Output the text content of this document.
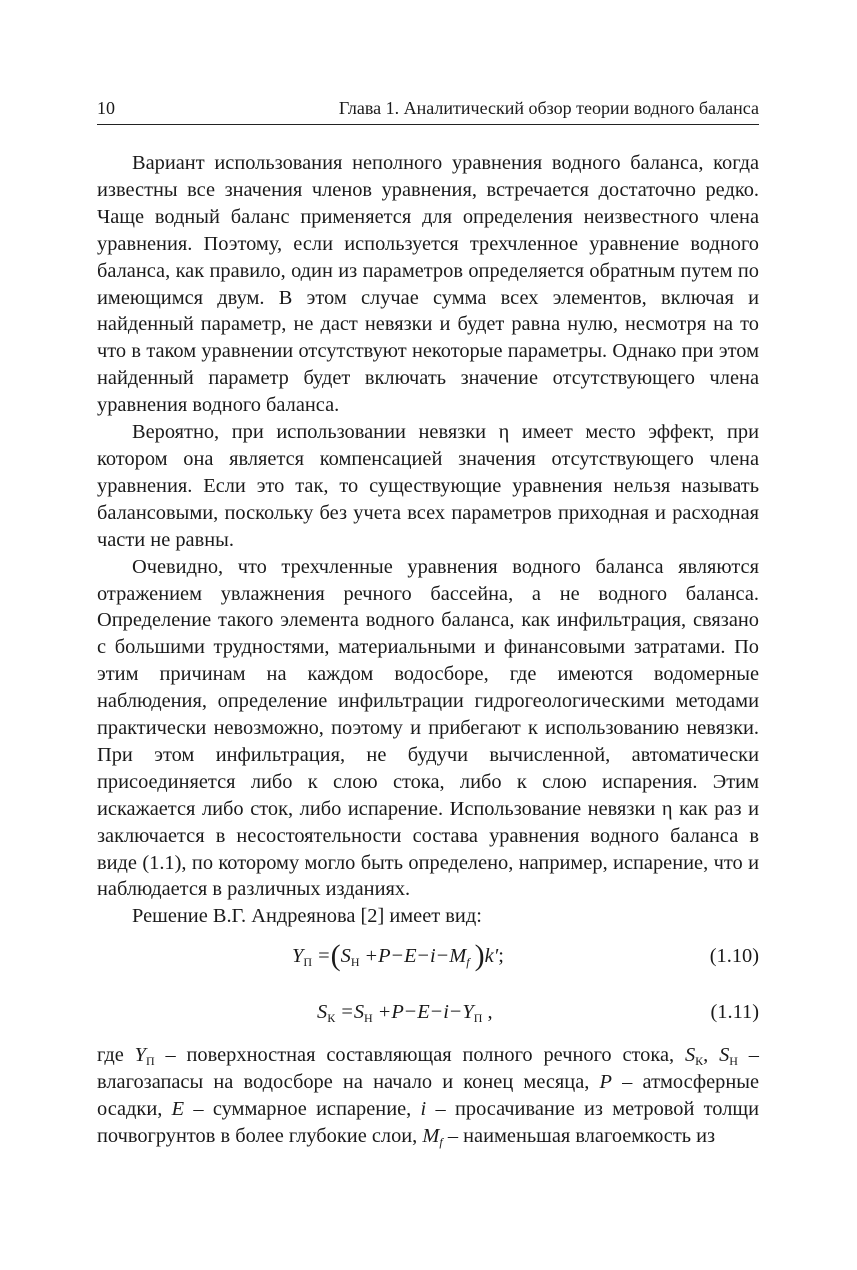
10	Глава 1. Аналитический обзор теории водного баланса

Вариант использования неполного уравнения водного баланса, когда известны все значения членов уравнения, встречается достаточно редко. Чаще водный баланс применяется для определения неизвестного члена уравнения. Поэтому, если используется трехчленное уравнение водного баланса, как правило, один из параметров определяется обратным путем по имеющимся двум. В этом случае сумма всех элементов, включая и найденный параметр, не даст невязки и будет равна нулю, несмотря на то что в таком уравнении отсутствуют некоторые параметры. Однако при этом найденный параметр будет включать значение отсутствующего члена уравнения водного баланса.

Вероятно, при использовании невязки η имеет место эффект, при котором она является компенсацией значения отсутствующего члена уравнения. Если это так, то существующие уравнения нельзя называть балансовыми, поскольку без учета всех параметров приходная и расходная части не равны.

Очевидно, что трехчленные уравнения водного баланса являются отражением увлажнения речного бассейна, а не водного баланса. Определение такого элемента водного баланса, как инфильтрация, связано с большими трудностями, материальными и финансовыми затратами. По этим причинам на каждом водосборе, где имеются водомерные наблюдения, определение инфильтрации гидрогеологическими методами практически невозможно, поэтому и прибегают к использованию невязки. При этом инфильтрация, не будучи вычисленной, автоматически присоединяется либо к слою стока, либо к слою испарения. Этим искажается либо сток, либо испарение. Использование невязки η как раз и заключается в несостоятельности состава уравнения водного баланса в виде (1.1), по которому могло быть определено, например, испарение, что и наблюдается в различных изданиях.

Решение В.Г. Андреянова [2] имеет вид:

$Y_П =(S_Н +P-E-i-M_f$ )k′;	(1.10)
$S_К =S_Н +P-E-i-Y_П$ ,	(1.11)

где $Y_П$ – поверхностная составляющая полного речного стока, $S_К$, $S_Н$ – влагозапасы на водосборе на начало и конец месяца, P – атмосферные осадки, E – суммарное испарение, i – просачивание из метровой толщи почвогрунтов в более глубокие слои, $M_f$ – наименьшая влагоемкость из
